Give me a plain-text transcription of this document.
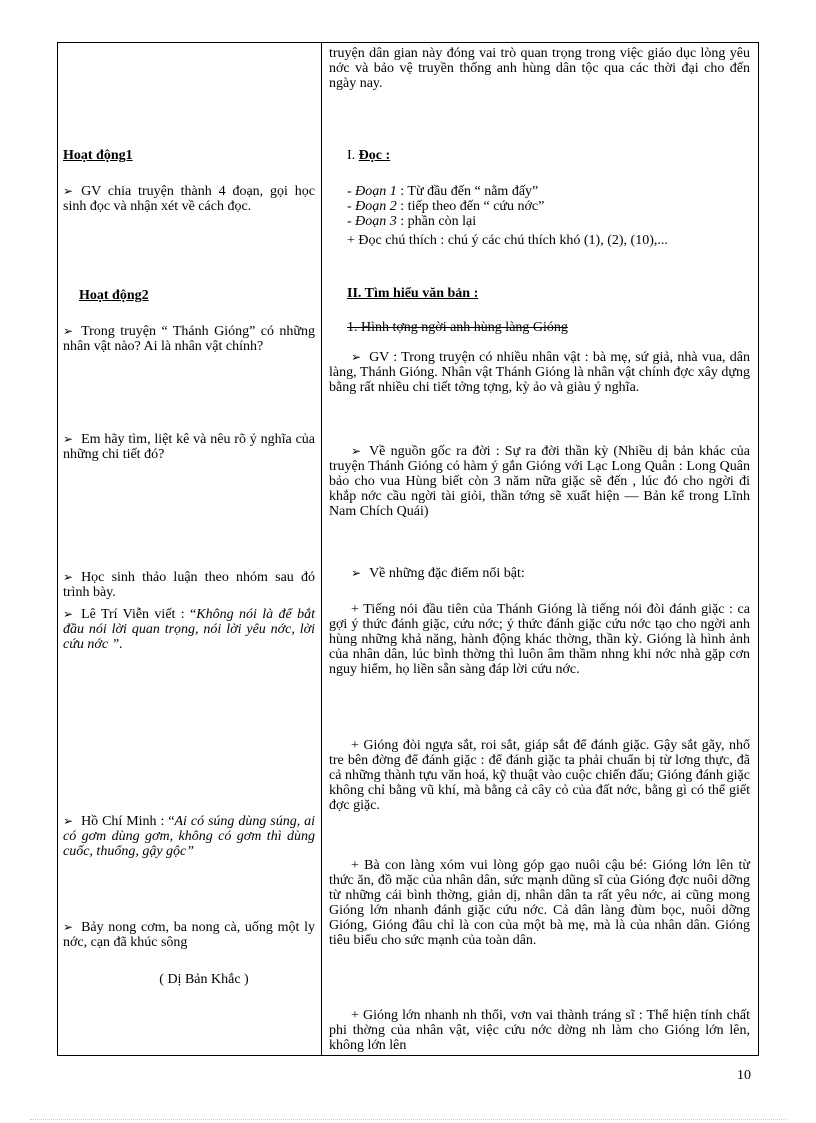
Hoạt động1
➢ GV chia truyện thành 4 đoạn, gọi học sinh đọc và nhận xét về cách đọc.
Hoạt động2
➢ Trong truyện “ Thánh Gióng” có những nhân vật nào? Ai là nhân vật chính?
➢ Em hãy tìm, liệt kê và nêu rõ ý nghĩa của những chi tiết đó?
➢ Học sinh thảo luận theo nhóm sau đó trình bày.
➢ Lê Trí Viễn viết : “Không nói là để bắt đầu nói lời quan trọng, nói lời yêu nớc, lời cứu nớc ”.
➢ Hồ Chí Minh : “Ai có súng dùng súng, ai có gơm dùng gơm, không có gơm thì dùng cuốc, thuổng, gậy gộc”
➢ Bảy nong cơm, ba nong cà, uống một ly nớc, cạn đã khúc sông
( Dị Bản Khắc )
truyện dân gian này đóng vai trò quan trọng trong việc giáo dục lòng yêu nớc và bảo vệ truyền thống anh hùng dân tộc qua các thời đại cho đến ngày nay.
I. Đọc :
- Đoạn 1 : Từ đầu đến “ nằm đấy”
- Đoạn 2 : tiếp theo đến “ cứu nớc”
- Đoạn 3 : phần còn lại
+ Đọc chú thích : chú ý các chú thích khó (1), (2), (10),...
II. Tìm hiểu văn bản :
1. Hình tợng ngời anh hùng làng Gióng
➢ GV : Trong truyện có nhiều nhân vật : bà mẹ, sứ giả, nhà vua, dân làng, Thánh Gióng. Nhân vật Thánh Gióng là nhân vật chính đợc xây dựng bằng rất nhiều chi tiết tởng tợng, kỳ ảo và giàu ý nghĩa.
➢ Về nguồn gốc ra đời : Sự ra đời thần kỳ (Nhiều dị bản khác của truyện Thánh Gióng có hàm ý gắn Gióng với Lạc Long Quân : Long Quân bảo cho vua Hùng biết còn 3 năm nữa giặc sẽ đến , lúc đó cho ngời đi khắp nớc cầu ngời tài giỏi, thần tớng sẽ xuất hiện — Bản kể trong Lĩnh Nam Chích Quái)
➢ Về những đặc điểm nổi bật:
+ Tiếng nói đầu tiên của Thánh Gióng là tiếng nói đòi đánh giặc : ca gợi ý thức đánh giặc, cứu nớc; ý thức đánh giặc cứu nớc tạo cho ngời anh hùng những khả năng, hành động khác thờng, thần kỳ. Gióng là hình ảnh của nhân dân, lúc bình thờng thì luôn âm thầm nhng khi nớc nhà gặp cơn nguy hiểm, họ liền sẵn sàng đáp lời cứu nớc.
+ Gióng đòi ngựa sắt, roi sắt, giáp sắt để đánh giặc. Gậy sắt gãy, nhổ tre bên đờng để đánh giặc : để đánh giặc ta phải chuẩn bị từ lơng thực, đã cả những thành tựu văn hoá, kỹ thuật vào cuộc chiến đấu; Gióng đánh giặc không chỉ bằng vũ khí, mà bằng cả cây cỏ của đất nớc, bằng gì có thể giết đợc giặc.
+ Bà con làng xóm vui lòng góp gạo nuôi cậu bé: Gióng lớn lên từ thức ăn, đồ mặc của nhân dân, sức mạnh dũng sĩ của Gióng đợc nuôi dỡng từ những cái bình thờng, giản dị, nhân dân ta rất yêu nớc, ai cũng mong Gióng lớn nhanh đánh giặc cứu nớc. Cả dân làng đùm bọc, nuôi dỡng Gióng, Gióng đâu chỉ là con của một bà mẹ, mà là của nhân dân. Gióng tiêu biểu cho sức mạnh của toàn dân.
+ Gióng lớn nhanh nh thổi, vơn vai thành tráng sĩ : Thể hiện tính chất phi thờng của nhân vật, việc cứu nớc dờng nh làm cho Gióng lớn lên, không lớn lên
10
